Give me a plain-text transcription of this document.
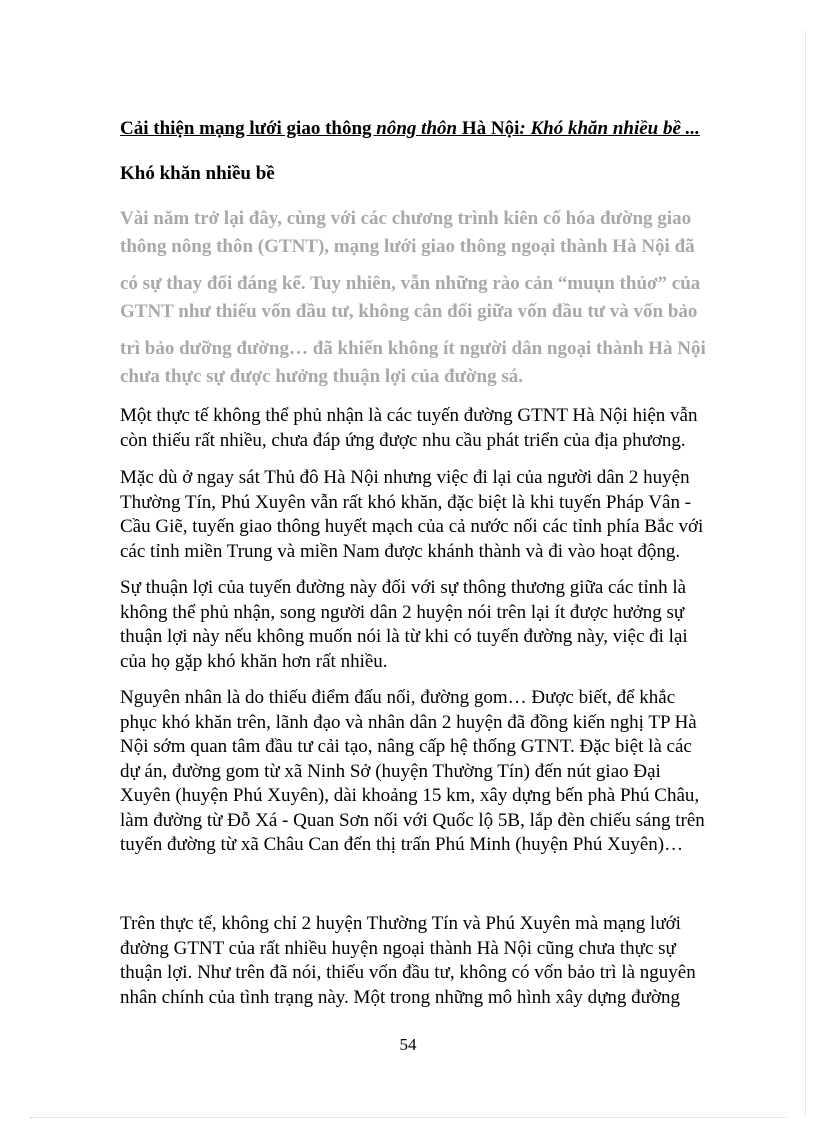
Cải thiện mạng lưới giao thông nông thôn Hà Nội: Khó khăn nhiều bề ...
Khó khăn nhiều bề
Vài năm trở lại đây, cùng với các chương trình kiên cố hóa đường giao thông nông thôn (GTNT), mạng lưới giao thông ngoại thành Hà Nội đã
có sự thay đổi đáng kể. Tuy nhiên, vẫn những rào cản “muụn thủơ” của GTNT như thiếu vốn đầu tư, không cân đối giữa vốn đầu tư và vốn bảo
trì bảo dưỡng đường… đã khiến không ít người dân ngoại thành Hà Nội chưa thực sự được hưởng thuận lợi của đường sá.
Một thực tế không thể phủ nhận là các tuyến đường GTNT Hà Nội hiện vẫn còn thiếu rất nhiều, chưa đáp ứng được nhu cầu phát triển của địa phương.
Mặc dù ở ngay sát Thủ đô Hà Nội nhưng việc đi lại của người dân 2 huyện Thường Tín, Phú Xuyên vẫn rất khó khăn, đặc biệt là khi tuyến Pháp Vân - Cầu Giẽ, tuyến giao thông huyết mạch của cả nước nối các tỉnh phía Bắc với các tỉnh miền Trung và miền Nam được khánh thành và đi vào hoạt động.
Sự thuận lợi của tuyến đường này đối với sự thông thương giữa các tỉnh là không thể phủ nhận, song người dân 2 huyện nói trên lại ít được hưởng sự thuận lợi này nếu không muốn nói là từ khi có tuyến đường này, việc đi lại của họ gặp khó khăn hơn rất nhiều.
Nguyên nhân là do thiếu điểm đấu nối, đường gom… Được biết, để khắc phục khó khăn trên, lãnh đạo và nhân dân 2 huyện đã đồng kiến nghị TP Hà Nội sớm quan tâm đầu tư cải tạo, nâng cấp hệ thống GTNT. Đặc biệt là các dự án, đường gom từ xã Ninh Sở (huyện Thường Tín) đến nút giao Đại Xuyên (huyện Phú Xuyên), dài khoảng 15 km, xây dựng bến phà Phú Châu, làm đường từ Đỗ Xá - Quan Sơn nối với Quốc lộ 5B, lắp đèn chiếu sáng trên tuyến đường từ xã Châu Can đến thị trấn Phú Minh (huyện Phú Xuyên)…
Trên thực tế, không chỉ 2 huyện Thường Tín và Phú Xuyên mà mạng lưới đường GTNT của rất nhiều huyện ngoại thành Hà Nội cũng chưa thực sự thuận lợi. Như trên đã nói, thiếu vốn đầu tư, không có vốn bảo trì là nguyên nhân chính của tình trạng này. Một trong những mô hình xây dựng đường
54
